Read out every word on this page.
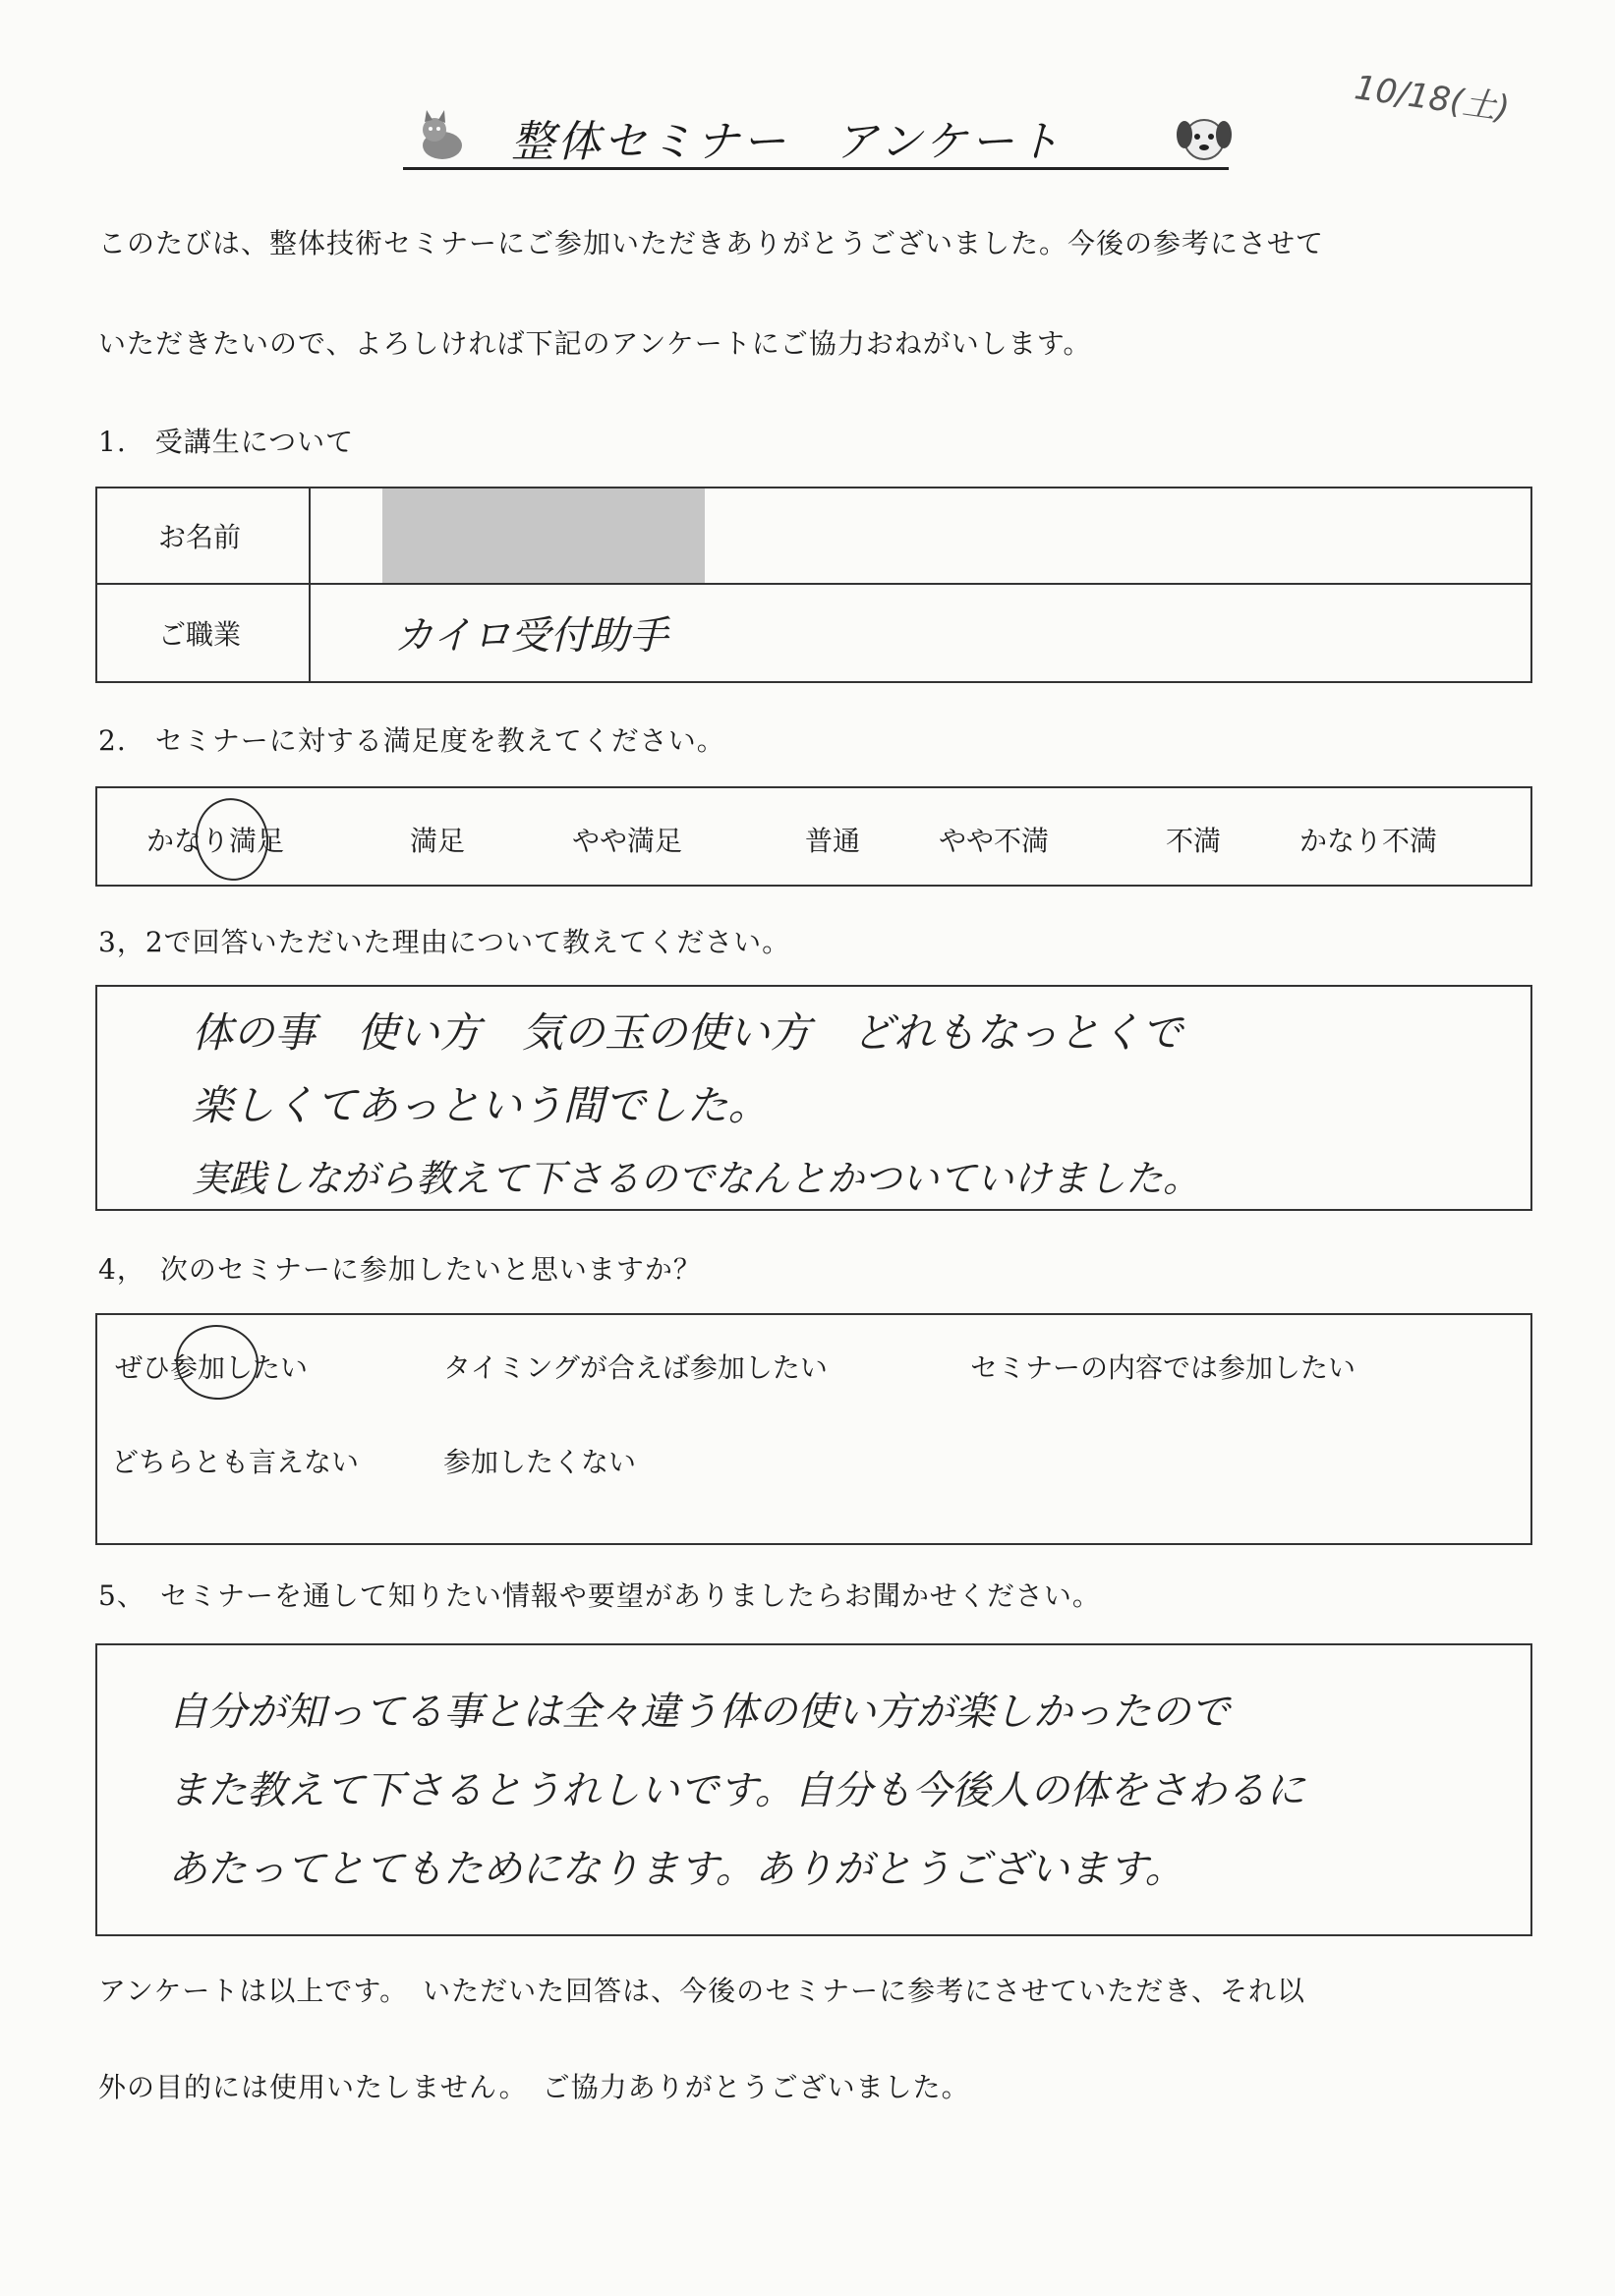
整体セミナー　アンケート
10/18(土)
このたびは、整体技術セミナーにご参加いただきありがとうございました。今後の参考にさせて
いただきたいので、よろしければ下記のアンケートにご協力おねがいします。
1.　受講生について
お名前
ご職業	カイロ受付助手
2.　セミナーに対する満足度を教えてください。
かなり満足	満足	やや満足	普通	やや不満	不満	かなり不満
3，2で回答いただいた理由について教えてください。
体の事　使い方　気の玉の使い方　どれもなっとくで
楽しくてあっという間でした。
実践しながら教えて下さるのでなんとかついていけました。
4，　次のセミナーに参加したいと思いますか？
ぜひ参加したい	タイミングが合えば参加したい	セミナーの内容では参加したい
どちらとも言えない	参加したくない
5、　セミナーを通して知りたい情報や要望がありましたらお聞かせください。
自分が知ってる事とは全々違う体の使い方が楽しかったので
また教えて下さるとうれしいです。自分も今後人の体をさわるに
あたってとてもためになります。ありがとうございます。
アンケートは以上です。　いただいた回答は、今後のセミナーに参考にさせていただき、それ以
外の目的には使用いたしません。　ご協力ありがとうございました。
